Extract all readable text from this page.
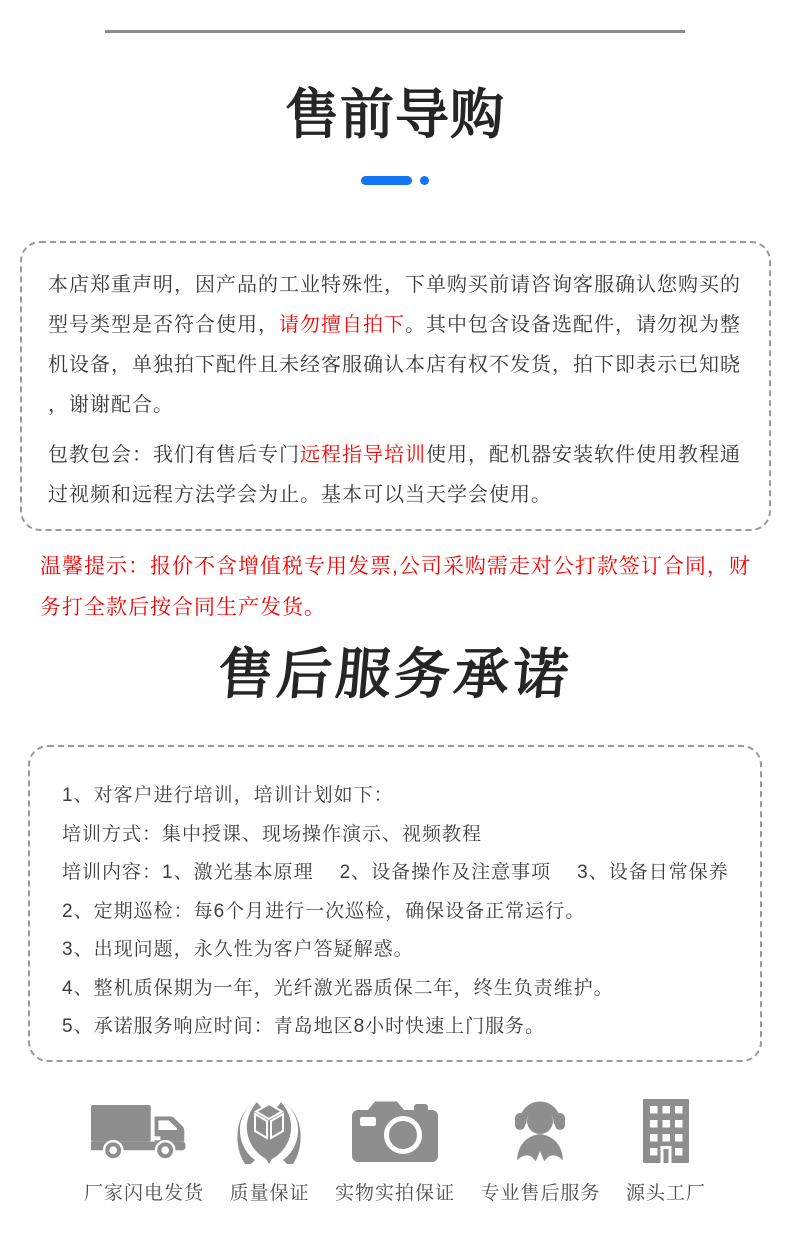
售前导购

本店郑重声明，因产品的工业特殊性，下单购买前请咨询客服确认您购买的型号类型是否符合使用，请勿擅自拍下。其中包含设备选配件，请勿视为整机设备，单独拍下配件且未经客服确认本店有权不发货，拍下即表示已知晓，谢谢配合。

包教包会：我们有售后专门远程指导培训使用，配机器安装软件使用教程通过视频和远程方法学会为止。基本可以当天学会使用。

温馨提示：报价不含增值税专用发票,公司采购需走对公打款签订合同，财务打全款后按合同生产发货。

售后服务承诺
1、对客户进行培训，培训计划如下：
培训方式：集中授课、现场操作演示、视频教程
培训内容：1、激光基本原理 2、设备操作及注意事项 3、设备日常保养
2、定期巡检：每6个月进行一次巡检，确保设备正常运行。
3、出现问题，永久性为客户答疑解惑。
4、整机质保期为一年，光纤激光器质保二年，终生负责维护。
5、承诺服务响应时间：青岛地区8小时快速上门服务。
厂家闪电发货 质量保证 实物实拍保证 专业售后服务 源头工厂
